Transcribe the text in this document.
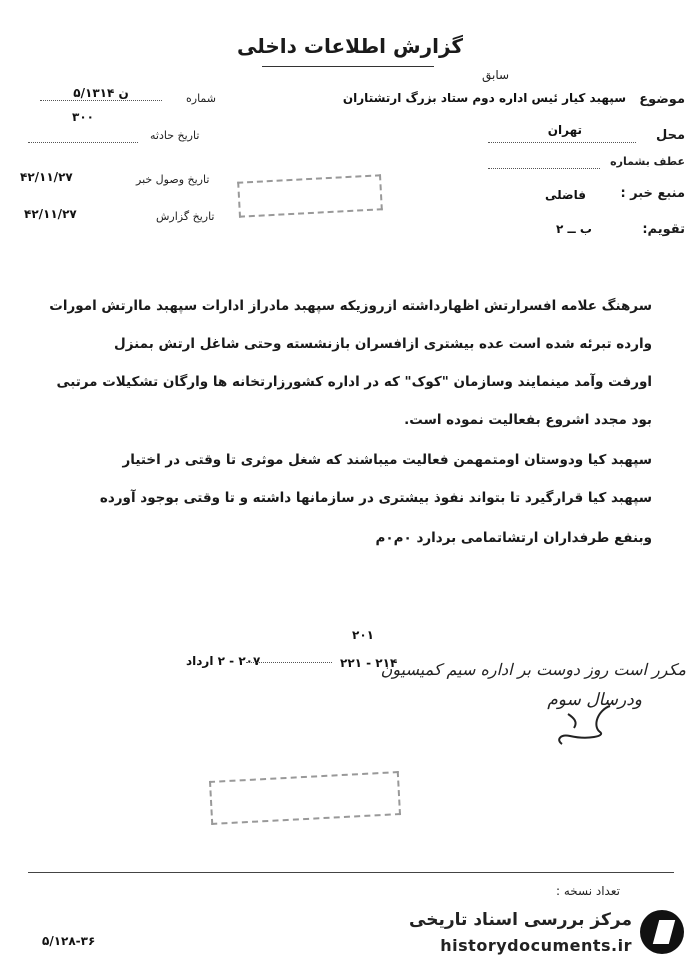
گزارش اطلاعات داخلی
شماره
۵/۱۳۱۴ ن
۳۰۰
تاریخ حادثه
تاریخ وصول خبر
۴۲/۱۱/۲۷
تاریخ گزارش
۴۲/۱۱/۲۷
سابق
موضوع
سپهبد کیار ئیس اداره دوم ستاد بزرگ ارتشتاران
محل
تهران
عطف بشماره
منبع خبر :
فاضلی
تقویم:
ب ــ ۲
سرهنگ علامه افسرارتش اظهارداشته ازروزیکه سپهبد مادراز ادارات سپهبد ماارتش امورات
وارده تبرئه شده است عده بیشتری ازافسران بازنشسته وحتی شاغل ارتش بمنزل
اورفت وآمد مینمایند وسازمان "کوک" که در اداره کشورزارتخانه ها وارگان تشکیلات مرتبی
بود مجدد اشروع بفعالیت نموده است.
سپهبد کیا ودوستان اومتمهمن فعالیت میباشند که شغل موثری تا وقتی در اختیار
سپهبد کیا قرارگیرد تا بتواند نفوذ بیشتری در سازمانها داشته و تا وقتی بوجود آورده
وبنفع طرفداران ارتشاتمامی بردارد ۰م۰م
۲۰۱
۲۲۱ - ۲۱۴
۲۰۷ - ۲ ارداد	مکرر است روز دوست بر اداره سیم کمیسیون
ودرسال سوم
تعداد نسخه :
۵/۱۲۸-۳۶
مرکز بررسی اسناد تاریخی
historydocuments.ir
